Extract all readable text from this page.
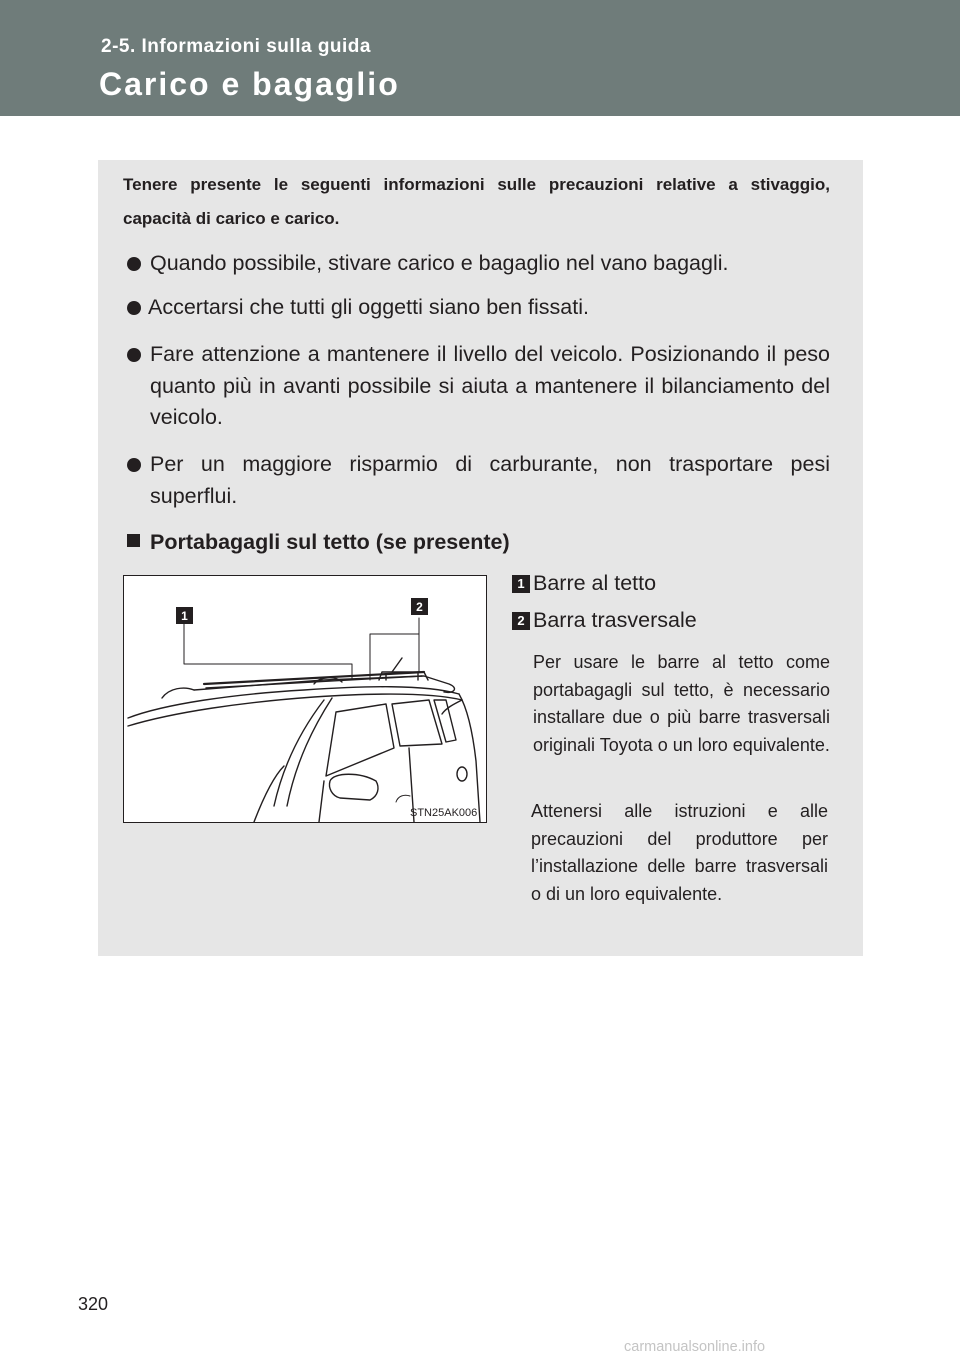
2-5. Informazioni sulla guida
Carico e bagaglio
Tenere presente le seguenti informazioni sulle precauzioni relative a stivaggio, capacità di carico e carico.
Quando possibile, stivare carico e bagaglio nel vano bagagli.
Accertarsi che tutti gli oggetti siano ben fissati.
Fare attenzione a mantenere il livello del veicolo. Posizionando il peso quanto più in avanti possibile si aiuta a mantenere il bilanciamento del veicolo.
Per un maggiore risparmio di carburante, non trasportare pesi superflui.
Portabagagli sul tetto (se presente)
1
2
STN25AK006
1 Barre al tetto
2 Barra trasversale
Per usare le barre al tetto come portabagagli sul tetto, è necessario installare due o più barre trasversali originali Toyota o un loro equivalente.
Attenersi alle istruzioni e alle precauzioni del produttore per l’installazione delle barre trasversali o di un loro equivalente.
320
carmanualsonline.info
